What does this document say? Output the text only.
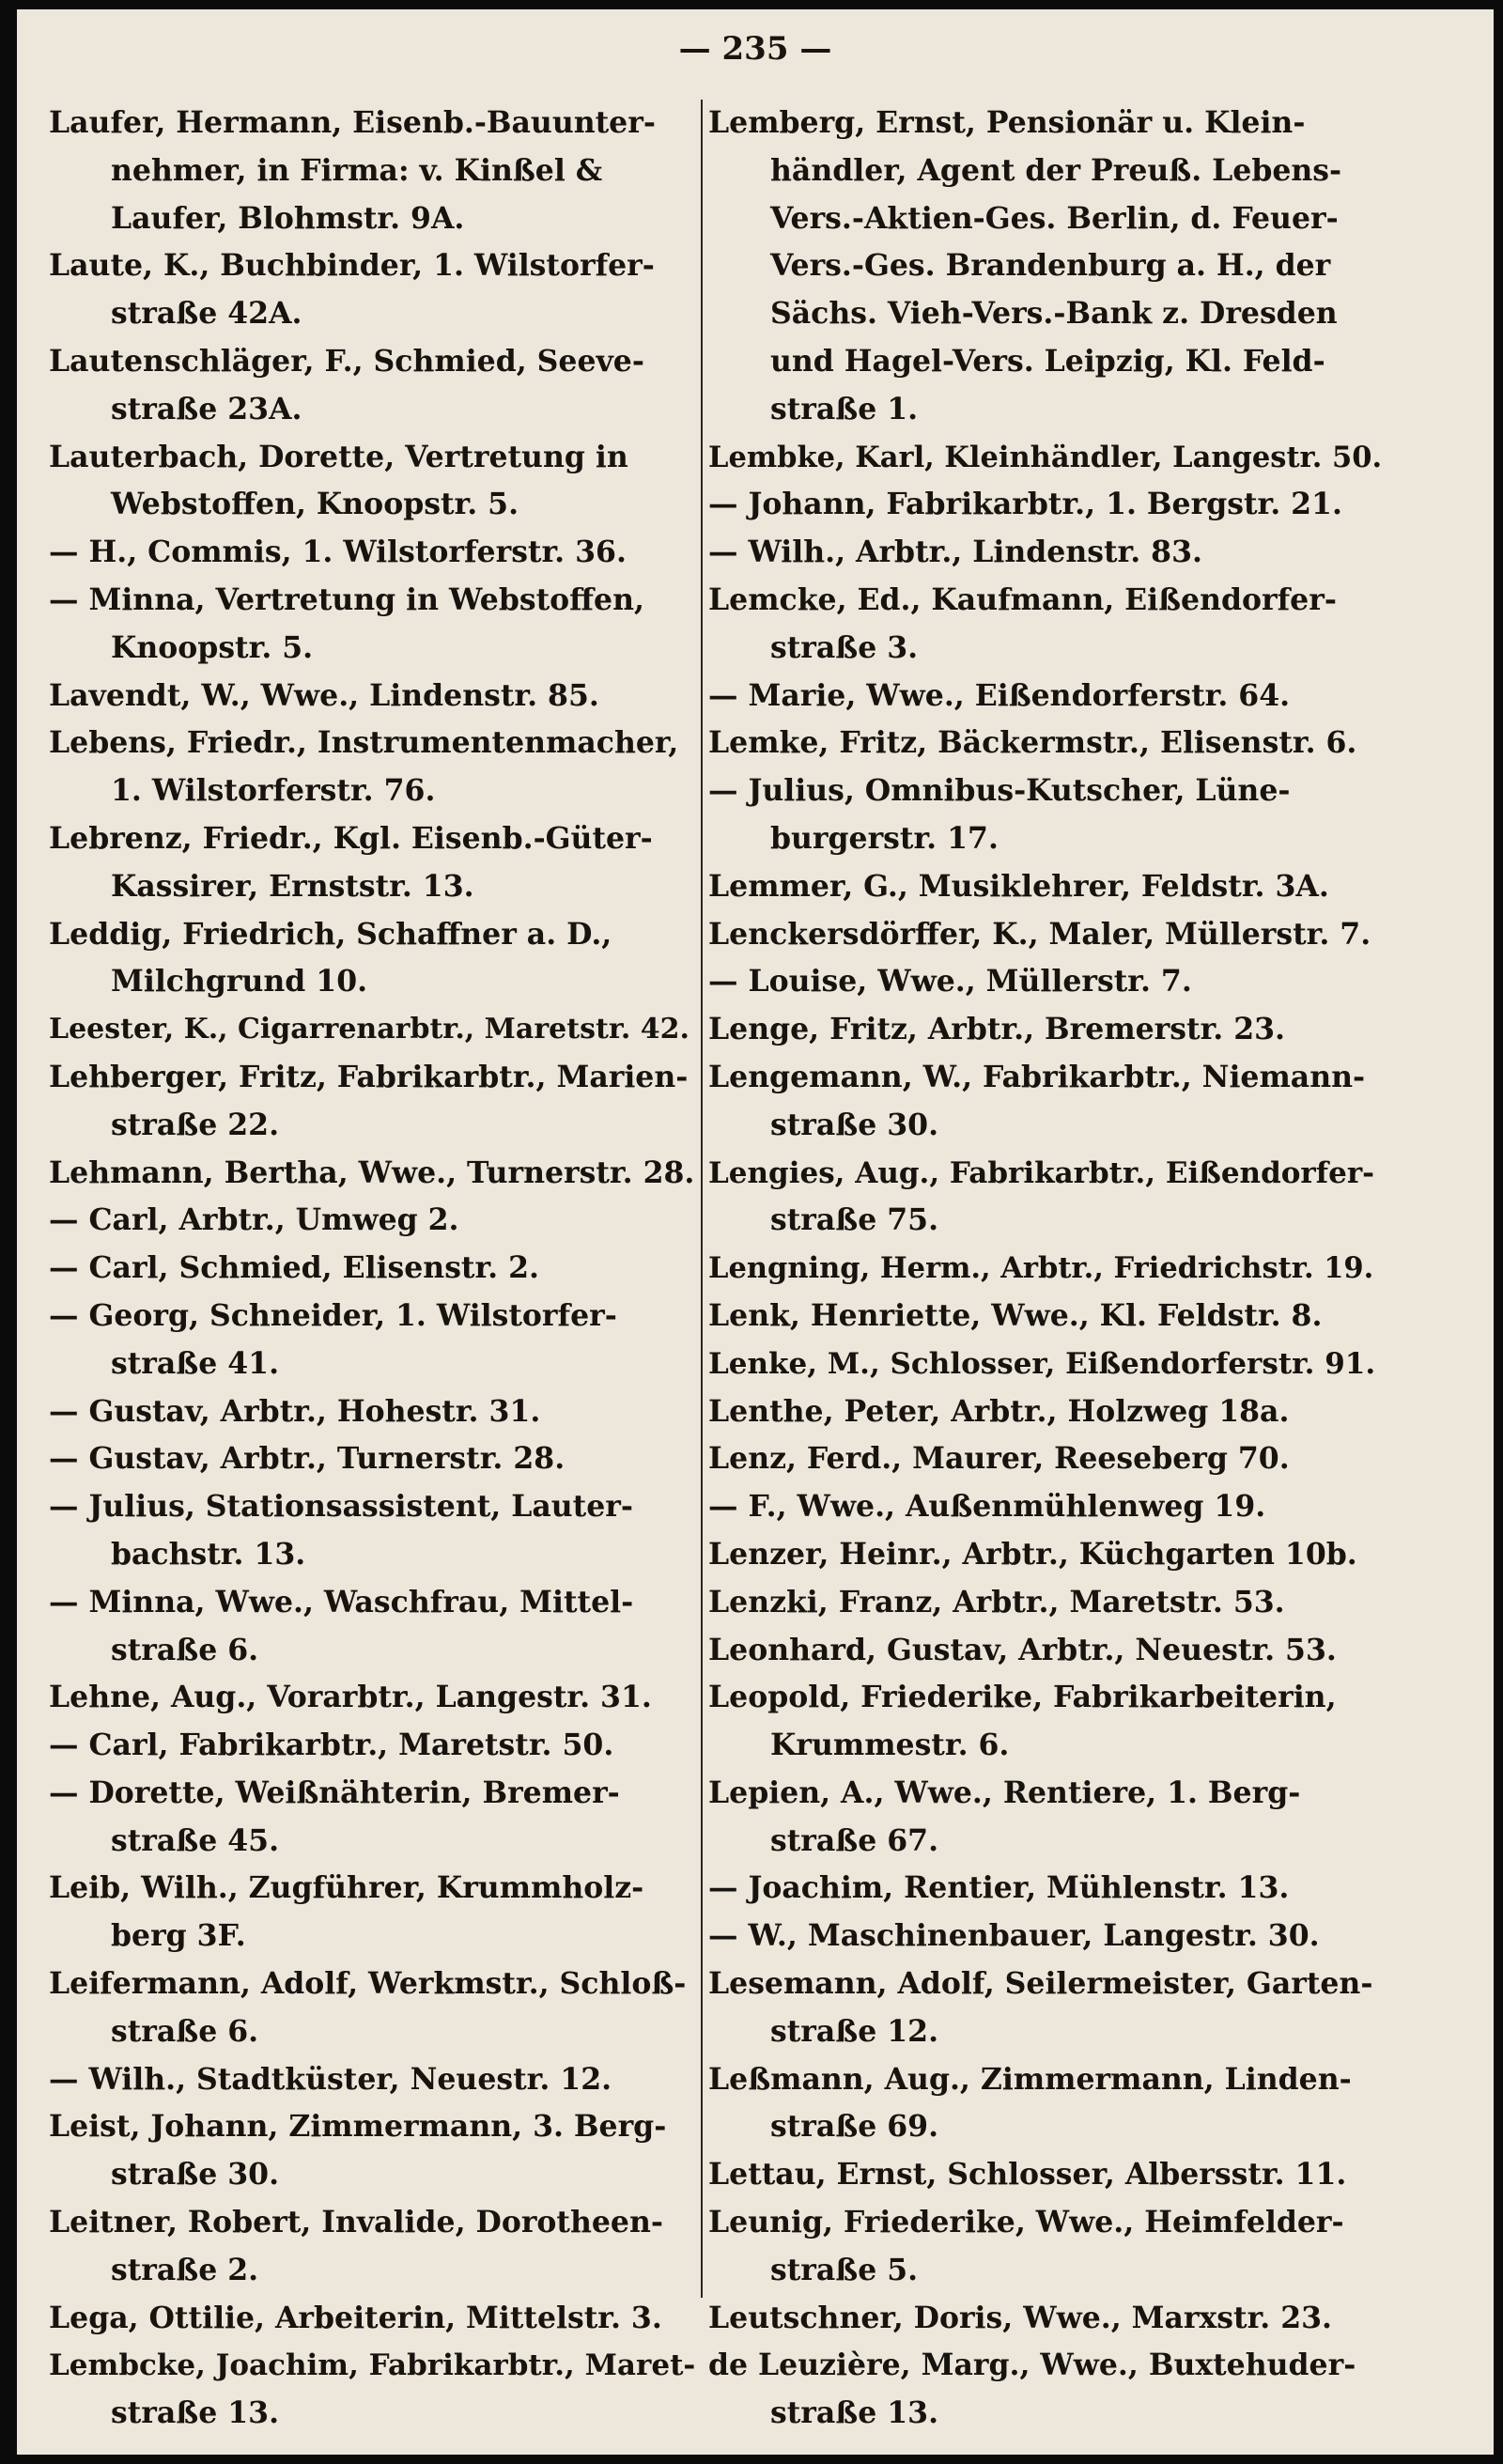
— 235 —
Laufer, Hermann, Eisenb.-Bauunter-
nehmer, in Firma: v. Kinßel &
Laufer, Blohmstr. 9A.
Laute, K., Buchbinder, 1. Wilstorfer-
straße 42A.
Lautenschläger, F., Schmied, Seeve-
straße 23A.
Lauterbach, Dorette, Vertretung in
Webstoffen, Knoopstr. 5.
— H., Commis, 1. Wilstorferstr. 36.
— Minna, Vertretung in Webstoffen,
Knoopstr. 5.
Lavendt, W., Wwe., Lindenstr. 85.
Lebens, Friedr., Instrumentenmacher,
1. Wilstorferstr. 76.
Lebrenz, Friedr., Kgl. Eisenb.-Güter-
Kassirer, Ernststr. 13.
Leddig, Friedrich, Schaffner a. D.,
Milchgrund 10.
Leester, K., Cigarrenarbtr., Maretstr. 42.
Lehberger, Fritz, Fabrikarbtr., Marien-
straße 22.
Lehmann, Bertha, Wwe., Turnerstr. 28.
— Carl, Arbtr., Umweg 2.
— Carl, Schmied, Elisenstr. 2.
— Georg, Schneider, 1. Wilstorfer-
straße 41.
— Gustav, Arbtr., Hohestr. 31.
— Gustav, Arbtr., Turnerstr. 28.
— Julius, Stationsassistent, Lauter-
bachstr. 13.
— Minna, Wwe., Waschfrau, Mittel-
straße 6.
Lehne, Aug., Vorarbtr., Langestr. 31.
— Carl, Fabrikarbtr., Maretstr. 50.
— Dorette, Weißnähterin, Bremer-
straße 45.
Leib, Wilh., Zugführer, Krummholz-
berg 3F.
Leifermann, Adolf, Werkmstr., Schloß-
straße 6.
— Wilh., Stadtküster, Neuestr. 12.
Leist, Johann, Zimmermann, 3. Berg-
straße 30.
Leitner, Robert, Invalide, Dorotheen-
straße 2.
Lega, Ottilie, Arbeiterin, Mittelstr. 3.
Lembcke, Joachim, Fabrikarbtr., Maret-
straße 13.
Lemberg, Ernst, Pensionär u. Klein-
händler, Agent der Preuß. Lebens-
Vers.-Aktien-Ges. Berlin, d. Feuer-
Vers.-Ges. Brandenburg a. H., der
Sächs. Vieh-Vers.-Bank z. Dresden
und Hagel-Vers. Leipzig, Kl. Feld-
straße 1.
Lembke, Karl, Kleinhändler, Langestr. 50.
— Johann, Fabrikarbtr., 1. Bergstr. 21.
— Wilh., Arbtr., Lindenstr. 83.
Lemcke, Ed., Kaufmann, Eißendorfer-
straße 3.
— Marie, Wwe., Eißendorferstr. 64.
Lemke, Fritz, Bäckermstr., Elisenstr. 6.
— Julius, Omnibus-Kutscher, Lüne-
burgerstr. 17.
Lemmer, G., Musiklehrer, Feldstr. 3A.
Lenckersdörffer, K., Maler, Müllerstr. 7.
— Louise, Wwe., Müllerstr. 7.
Lenge, Fritz, Arbtr., Bremerstr. 23.
Lengemann, W., Fabrikarbtr., Niemann-
straße 30.
Lengies, Aug., Fabrikarbtr., Eißendorfer-
straße 75.
Lengning, Herm., Arbtr., Friedrichstr. 19.
Lenk, Henriette, Wwe., Kl. Feldstr. 8.
Lenke, M., Schlosser, Eißendorferstr. 91.
Lenthe, Peter, Arbtr., Holzweg 18a.
Lenz, Ferd., Maurer, Reeseberg 70.
— F., Wwe., Außenmühlenweg 19.
Lenzer, Heinr., Arbtr., Küchgarten 10b.
Lenzki, Franz, Arbtr., Maretstr. 53.
Leonhard, Gustav, Arbtr., Neuestr. 53.
Leopold, Friederike, Fabrikarbeiterin,
Krummestr. 6.
Lepien, A., Wwe., Rentiere, 1. Berg-
straße 67.
— Joachim, Rentier, Mühlenstr. 13.
— W., Maschinenbauer, Langestr. 30.
Lesemann, Adolf, Seilermeister, Garten-
straße 12.
Leßmann, Aug., Zimmermann, Linden-
straße 69.
Lettau, Ernst, Schlosser, Albersstr. 11.
Leunig, Friederike, Wwe., Heimfelder-
straße 5.
Leutschner, Doris, Wwe., Marxstr. 23.
de Leuzière, Marg., Wwe., Buxtehuder-
straße 13.
